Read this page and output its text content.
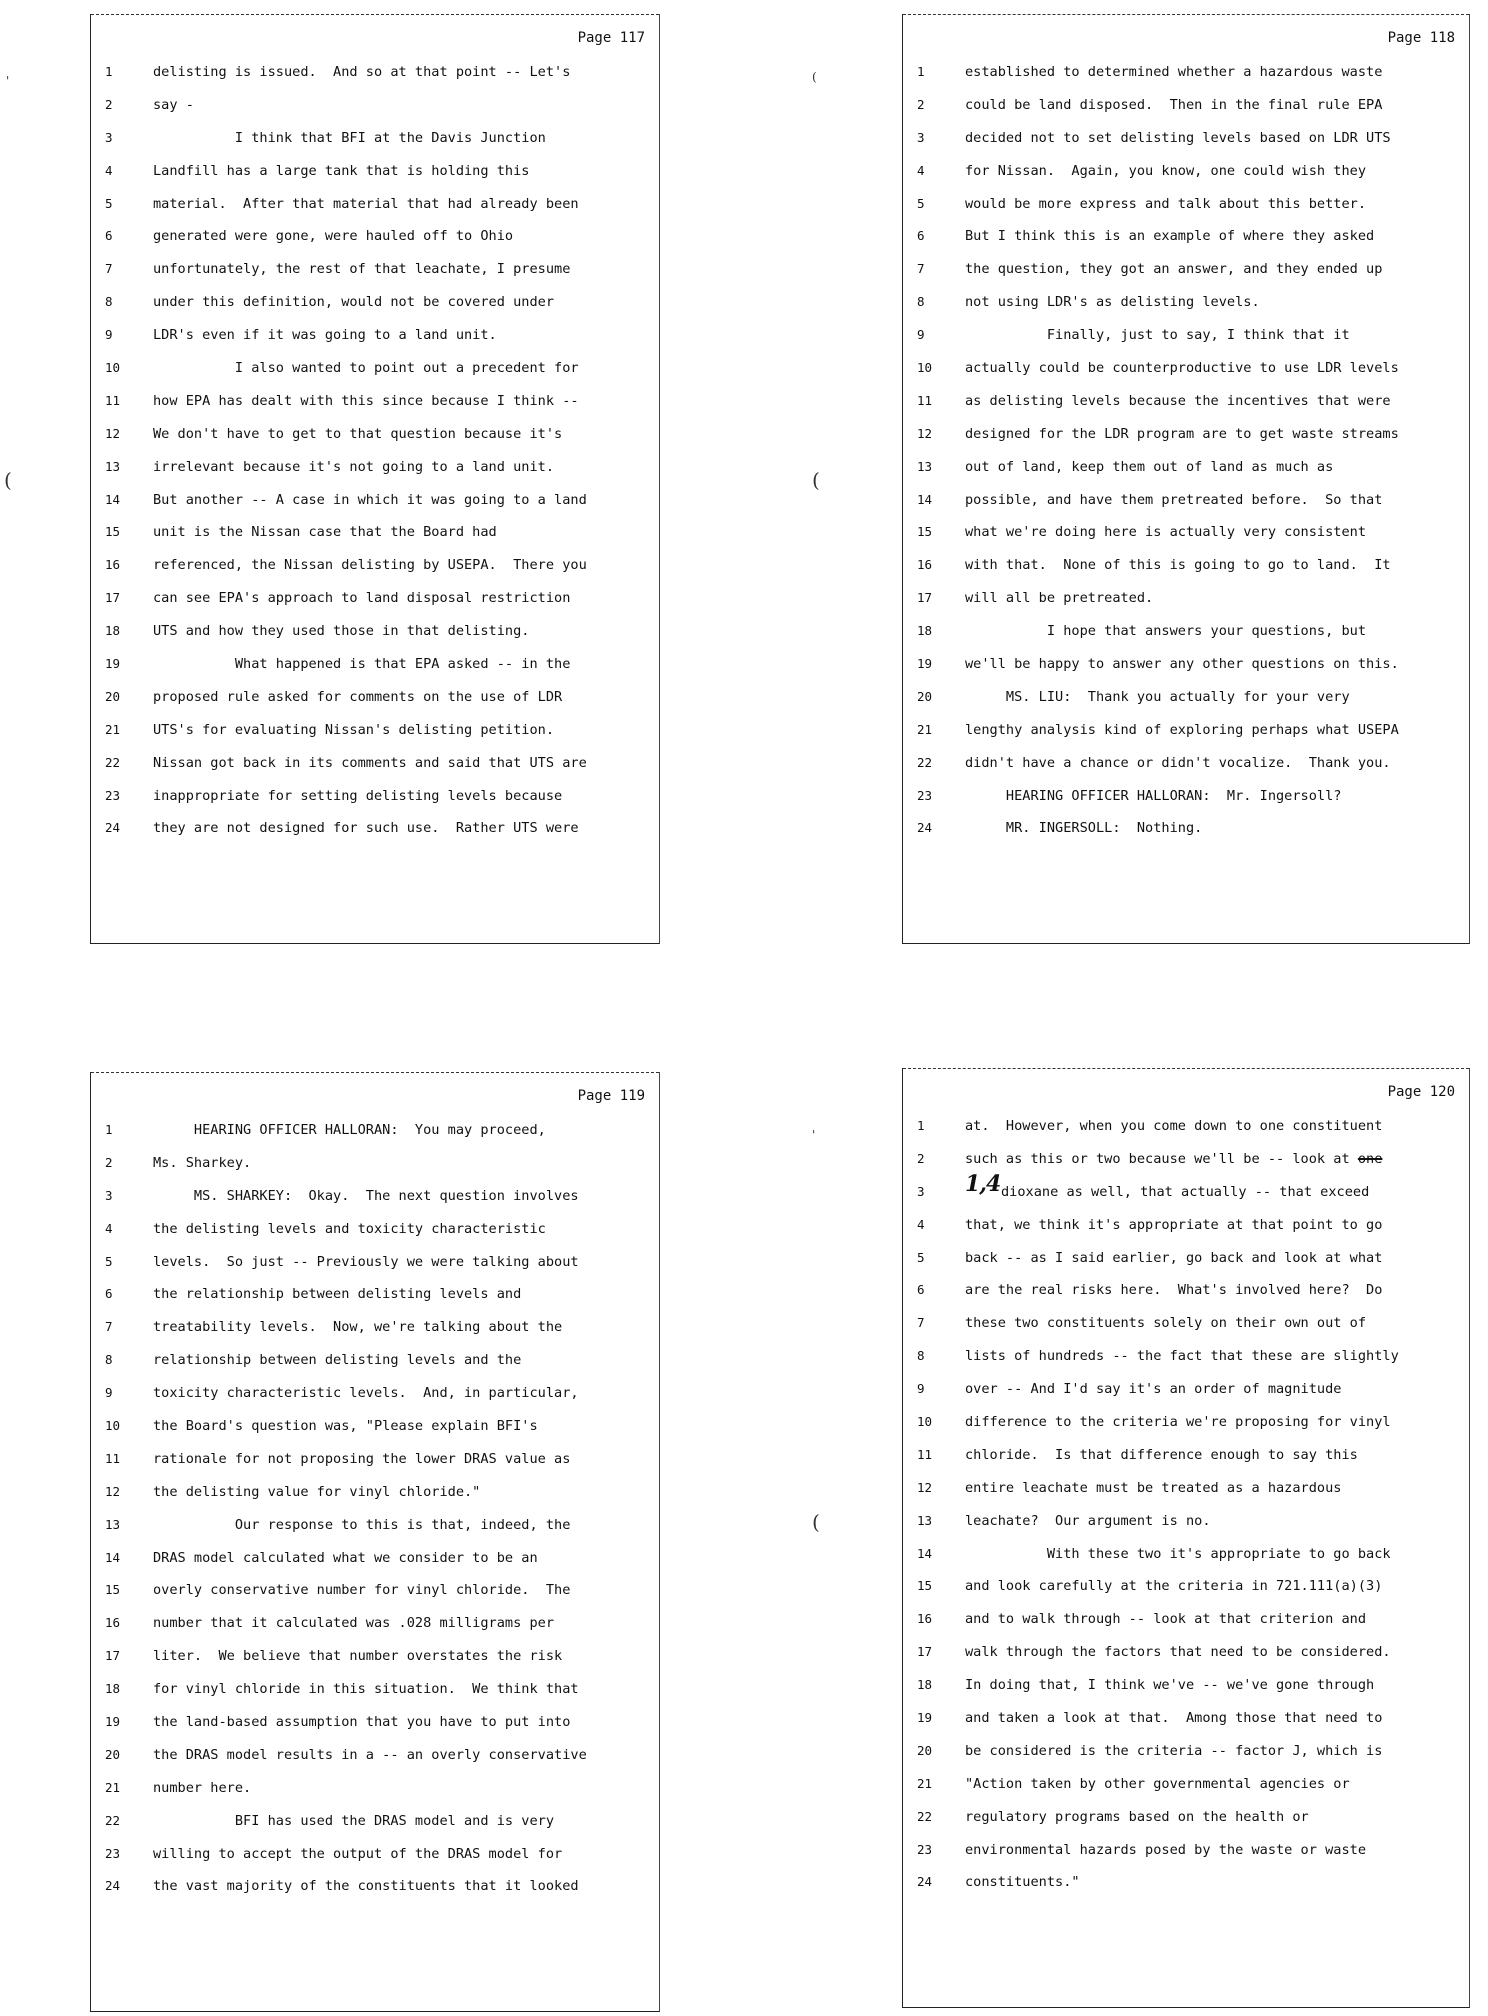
Page 117
1	delisting is issued.  And so at that point -- Let's
2	say -
3	I think that BFI at the Davis Junction
4	Landfill has a large tank that is holding this
5	material.  After that material that had already been
6	generated were gone, were hauled off to Ohio
7	unfortunately, the rest of that leachate, I presume
8	under this definition, would not be covered under
9	LDR's even if it was going to a land unit.
10	I also wanted to point out a precedent for
11	how EPA has dealt with this since because I think --
12	We don't have to get to that question because it's
13	irrelevant because it's not going to a land unit.
14	But another -- A case in which it was going to a land
15	unit is the Nissan case that the Board had
16	referenced, the Nissan delisting by USEPA.  There you
17	can see EPA's approach to land disposal restriction
18	UTS and how they used those in that delisting.
19	What happened is that EPA asked -- in the
20	proposed rule asked for comments on the use of LDR
21	UTS's for evaluating Nissan's delisting petition.
22	Nissan got back in its comments and said that UTS are
23	inappropriate for setting delisting levels because
24	they are not designed for such use.  Rather UTS were
Page 118
1	established to determined whether a hazardous waste
2	could be land disposed.  Then in the final rule EPA
3	decided not to set delisting levels based on LDR UTS
4	for Nissan.  Again, you know, one could wish they
5	would be more express and talk about this better.
6	But I think this is an example of where they asked
7	the question, they got an answer, and they ended up
8	not using LDR's as delisting levels.
9	Finally, just to say, I think that it
10	actually could be counterproductive to use LDR levels
11	as delisting levels because the incentives that were
12	designed for the LDR program are to get waste streams
13	out of land, keep them out of land as much as
14	possible, and have them pretreated before.  So that
15	what we're doing here is actually very consistent
16	with that.  None of this is going to go to land.  It
17	will all be pretreated.
18	I hope that answers your questions, but
19	we'll be happy to answer any other questions on this.
20	MS. LIU:  Thank you actually for your very
21	lengthy analysis kind of exploring perhaps what USEPA
22	didn't have a chance or didn't vocalize.  Thank you.
23	HEARING OFFICER HALLORAN:  Mr. Ingersoll?
24	MR. INGERSOLL:  Nothing.
Page 119
1	HEARING OFFICER HALLORAN:  You may proceed,
2	Ms. Sharkey.
3	MS. SHARKEY:  Okay.  The next question involves
4	the delisting levels and toxicity characteristic
5	levels.  So just -- Previously we were talking about
6	the relationship between delisting levels and
7	treatability levels.  Now, we're talking about the
8	relationship between delisting levels and the
9	toxicity characteristic levels.  And, in particular,
10	the Board's question was, "Please explain BFI's
11	rationale for not proposing the lower DRAS value as
12	the delisting value for vinyl chloride."
13	Our response to this is that, indeed, the
14	DRAS model calculated what we consider to be an
15	overly conservative number for vinyl chloride.  The
16	number that it calculated was .028 milligrams per
17	liter.  We believe that number overstates the risk
18	for vinyl chloride in this situation.  We think that
19	the land-based assumption that you have to put into
20	the DRAS model results in a -- an overly conservative
21	number here.
22	BFI has used the DRAS model and is very
23	willing to accept the output of the DRAS model for
24	the vast majority of the constituents that it looked
Page 120
1	at.  However, when you come down to one constituent
2	such as this or two because we'll be -- look at one
3	1,4 dioxane as well, that actually -- that exceed
4	that, we think it's appropriate at that point to go
5	back -- as I said earlier, go back and look at what
6	are the real risks here.  What's involved here?  Do
7	these two constituents solely on their own out of
8	lists of hundreds -- the fact that these are slightly
9	over -- And I'd say it's an order of magnitude
10	difference to the criteria we're proposing for vinyl
11	chloride.  Is that difference enough to say this
12	entire leachate must be treated as a hazardous
13	leachate?  Our argument is no.
14	With these two it's appropriate to go back
15	and look carefully at the criteria in 721.111(a)(3)
16	and to walk through -- look at that criterion and
17	walk through the factors that need to be considered.
18	In doing that, I think we've -- we've gone through
19	and taken a look at that.  Among those that need to
20	be considered is the criteria -- factor J, which is
21	"Action taken by other governmental agencies or
22	regulatory programs based on the health or
23	environmental hazards posed by the waste or waste
24	constituents."
'
(
(
(
'
(
